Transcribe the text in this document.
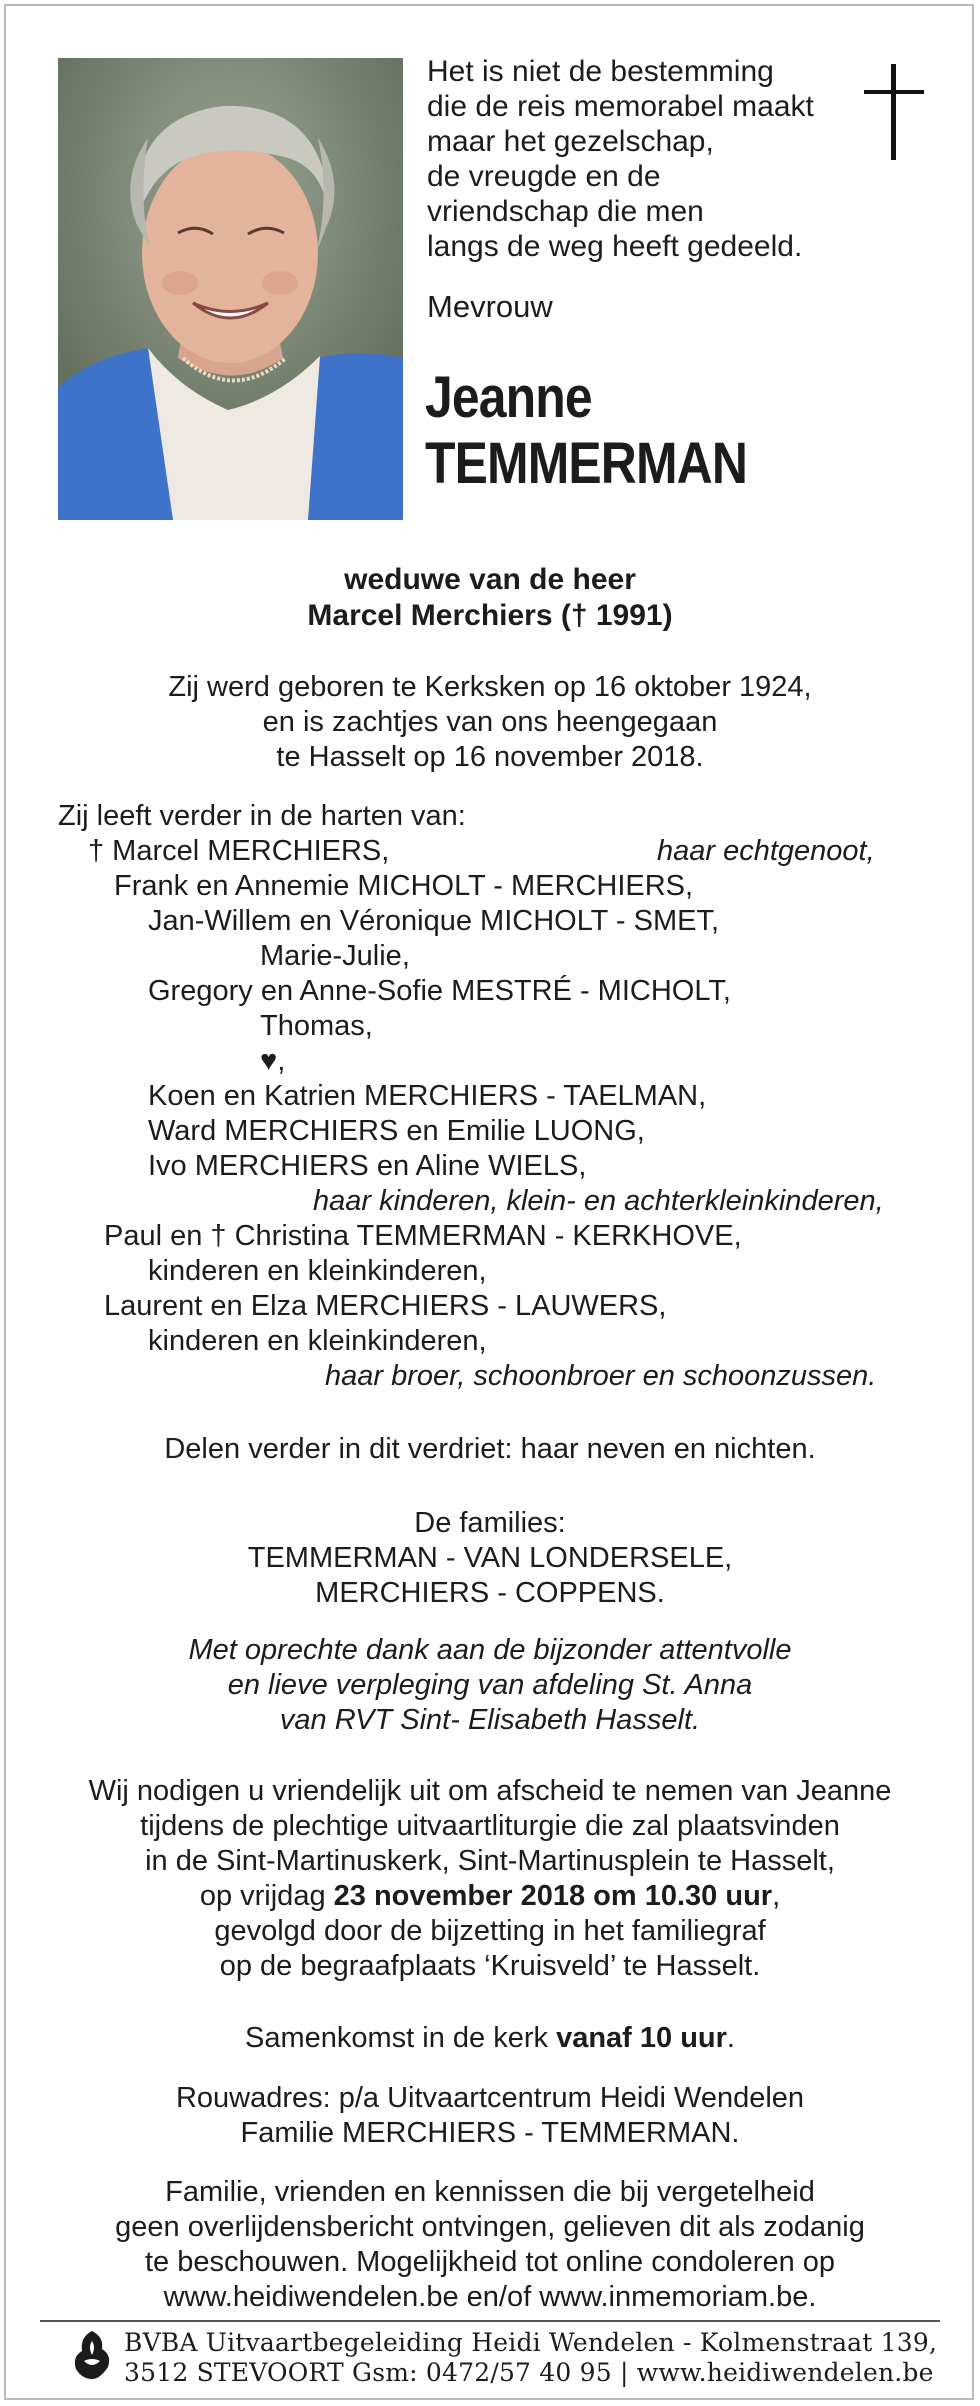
Het is niet de bestemming
die de reis memorabel maakt
maar het gezelschap,
de vreugde en de
vriendschap die men
langs de weg heeft gedeeld.
Mevrouw
Jeanne
TEMMERMAN
weduwe van de heer
Marcel Merchiers († 1991)
Zij werd geboren te Kerksken op 16 oktober 1924,
en is zachtjes van ons heengegaan
te Hasselt op 16 november 2018.
Zij leeft verder in de harten van:
† Marcel MERCHIERS,	haar echtgenoot,
Frank en Annemie MICHOLT - MERCHIERS,
Jan-Willem en Véronique MICHOLT - SMET,
Marie-Julie,
Gregory en Anne-Sofie MESTRÉ - MICHOLT,
Thomas,
♥,
Koen en Katrien MERCHIERS - TAELMAN,
Ward MERCHIERS en Emilie LUONG,
Ivo MERCHIERS en Aline WIELS,
haar kinderen, klein- en achterkleinkinderen,
Paul en † Christina TEMMERMAN - KERKHOVE,
kinderen en kleinkinderen,
Laurent en Elza MERCHIERS - LAUWERS,
kinderen en kleinkinderen,
haar broer, schoonbroer en schoonzussen.
Delen verder in dit verdriet: haar neven en nichten.
De families:
TEMMERMAN - VAN LONDERSELE,
MERCHIERS - COPPENS.
Met oprechte dank aan de bijzonder attentvolle
en lieve verpleging van afdeling St. Anna
van RVT Sint- Elisabeth Hasselt.
Wij nodigen u vriendelijk uit om afscheid te nemen van Jeanne
tijdens de plechtige uitvaartliturgie die zal plaatsvinden
in de Sint-Martinuskerk, Sint-Martinusplein te Hasselt,
op vrijdag 23 november 2018 om 10.30 uur,
gevolgd door de bijzetting in het familiegraf
op de begraafplaats ‘Kruisveld’ te Hasselt.
Samenkomst in de kerk vanaf 10 uur.
Rouwadres: p/a Uitvaartcentrum Heidi Wendelen
Familie MERCHIERS - TEMMERMAN.
Familie, vrienden en kennissen die bij vergetelheid
geen overlijdensbericht ontvingen, gelieven dit als zodanig
te beschouwen. Mogelijkheid tot online condoleren op
www.heidiwendelen.be en/of www.inmemoriam.be.
BVBA Uitvaartbegeleiding Heidi Wendelen - Kolmenstraat 139,
3512 STEVOORT Gsm: 0472/57 40 95 | www.heidiwendelen.be
